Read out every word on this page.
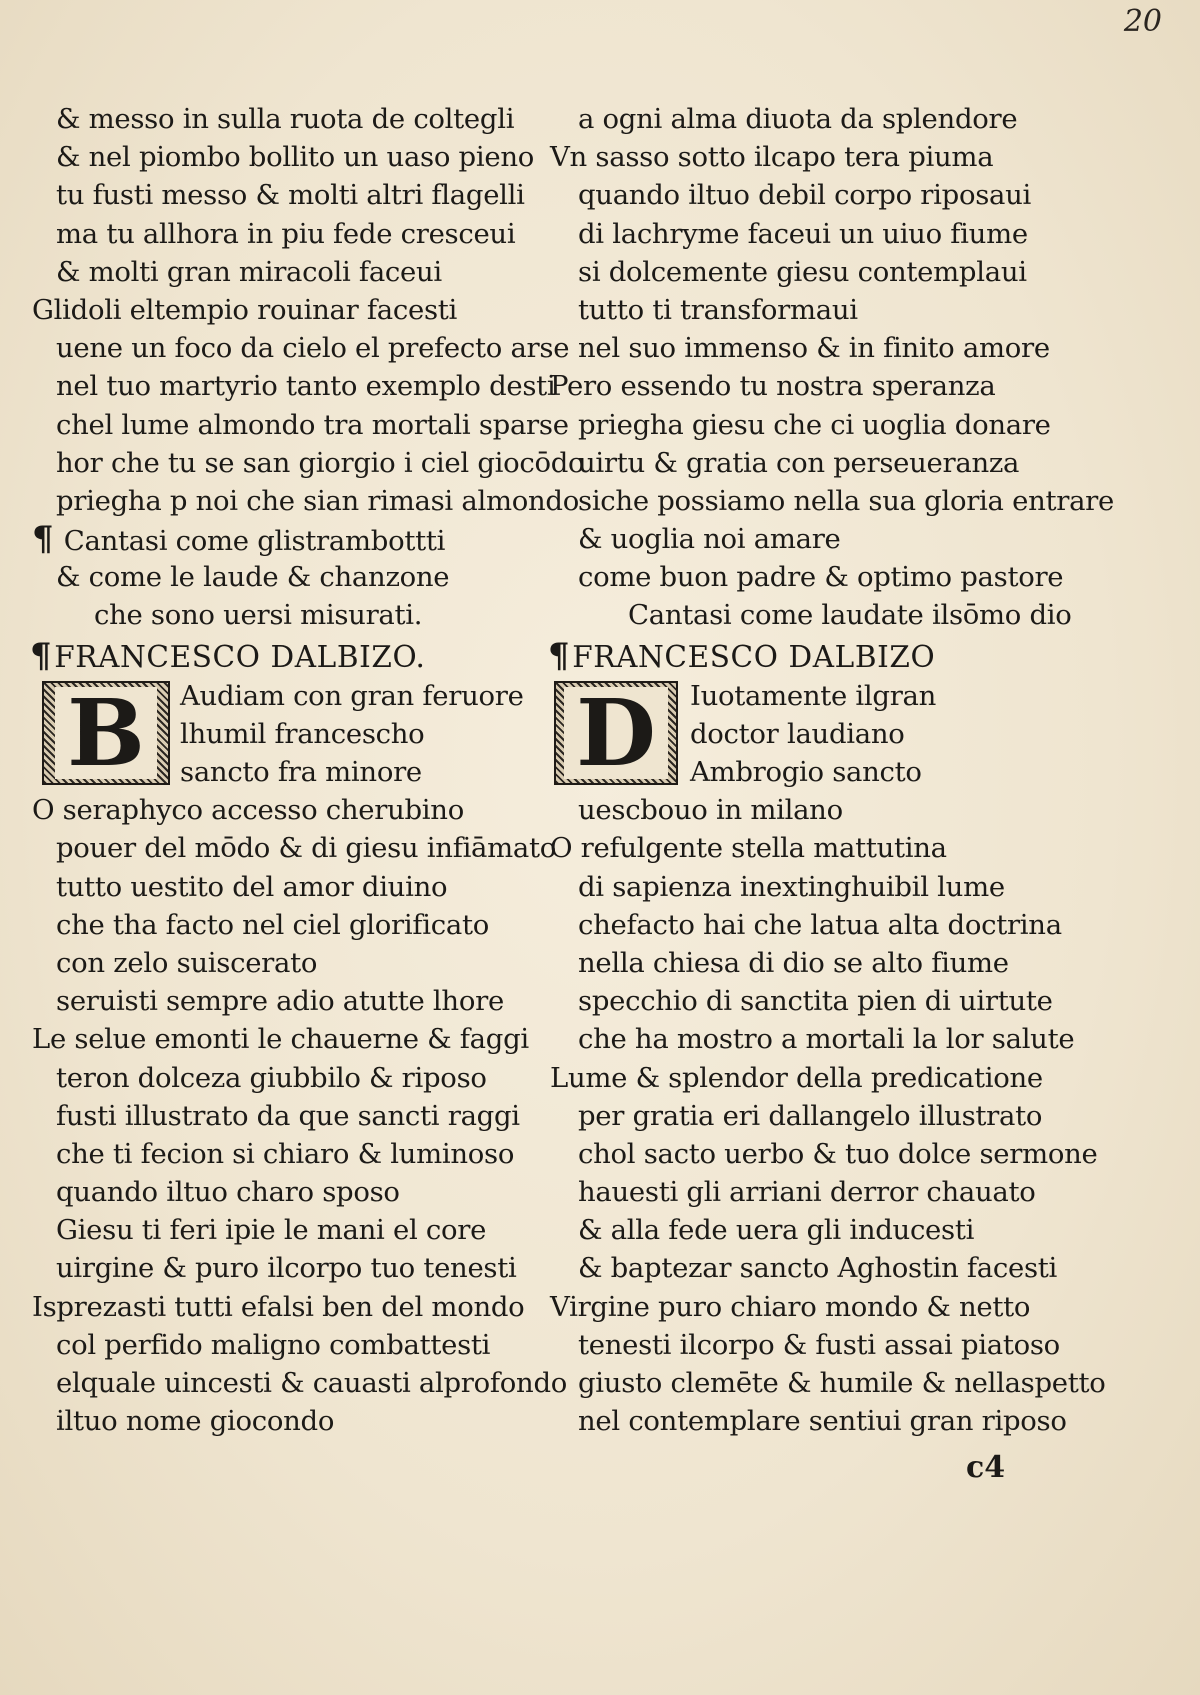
20
& messo in sulla ruota de coltegli
& nel piombo bollito un uaso pieno
tu fusti messo & molti altri flagelli
ma tu allhora in piu fede cresceui
& molti gran miracoli faceui
Glidoli eltempio rouinar facesti
uene un foco da cielo el prefecto arse
nel tuo martyrio tanto exemplo desti
chel lume almondo tra mortali sparse
hor che tu se san giorgio i ciel giocōdo
priegha p noi che sian rimasi almondo
¶ Cantasi come glistrambottti
& come le laude & chanzone
che sono uersi misurati.
¶FRANCESCO DALBIZO.
B	Audiam con gran feruore
lhumil francescho
sancto fra minore
O seraphyco accesso cherubino
pouer del mōdo & di giesu infiāmato
tutto uestito del amor diuino
che tha facto nel ciel glorificato
con zelo suiscerato
seruisti sempre adio atutte lhore
Le selue emonti le chauerne & faggi
teron dolceza giubbilo & riposo
fusti illustrato da que sancti raggi
che ti fecion si chiaro & luminoso
quando iltuo charo sposo
Giesu ti feri ipie le mani el core
uirgine & puro ilcorpo tuo tenesti
Isprezasti tutti efalsi ben del mondo
col perfido maligno combattesti
elquale uincesti & cauasti alprofondo
iltuo nome giocondo
a ogni alma diuota da splendore
Vn sasso sotto ilcapo tera piuma
quando iltuo debil corpo riposaui
di lachryme faceui un uiuo fiume
si dolcemente giesu contemplaui
tutto ti transformaui
nel suo immenso & in finito amore
Pero essendo tu nostra speranza
priegha giesu che ci uoglia donare
uirtu & gratia con perseueranza
siche possiamo nella sua gloria entrare
& uoglia noi amare
come buon padre & optimo pastore
Cantasi come laudate ilsōmo dio
¶FRANCESCO DALBIZO
D	Iuotamente ilgran
doctor laudiano
Ambrogio sancto
uescbouo in milano
O refulgente stella mattutina
di sapienza inextinghuibil lume
chefacto hai che latua alta doctrina
nella chiesa di dio se alto fiume
specchio di sanctita pien di uirtute
che ha mostro a mortali la lor salute
Lume & splendor della predicatione
per gratia eri dallangelo illustrato
chol sacto uerbo & tuo dolce sermone
hauesti gli arriani derror chauato
& alla fede uera gli inducesti
& baptezar sancto Aghostin facesti
Virgine puro chiaro mondo & netto
tenesti ilcorpo & fusti assai piatoso
giusto clemēte & humile & nellaspetto
nel contemplare sentiui gran riposo
c4
